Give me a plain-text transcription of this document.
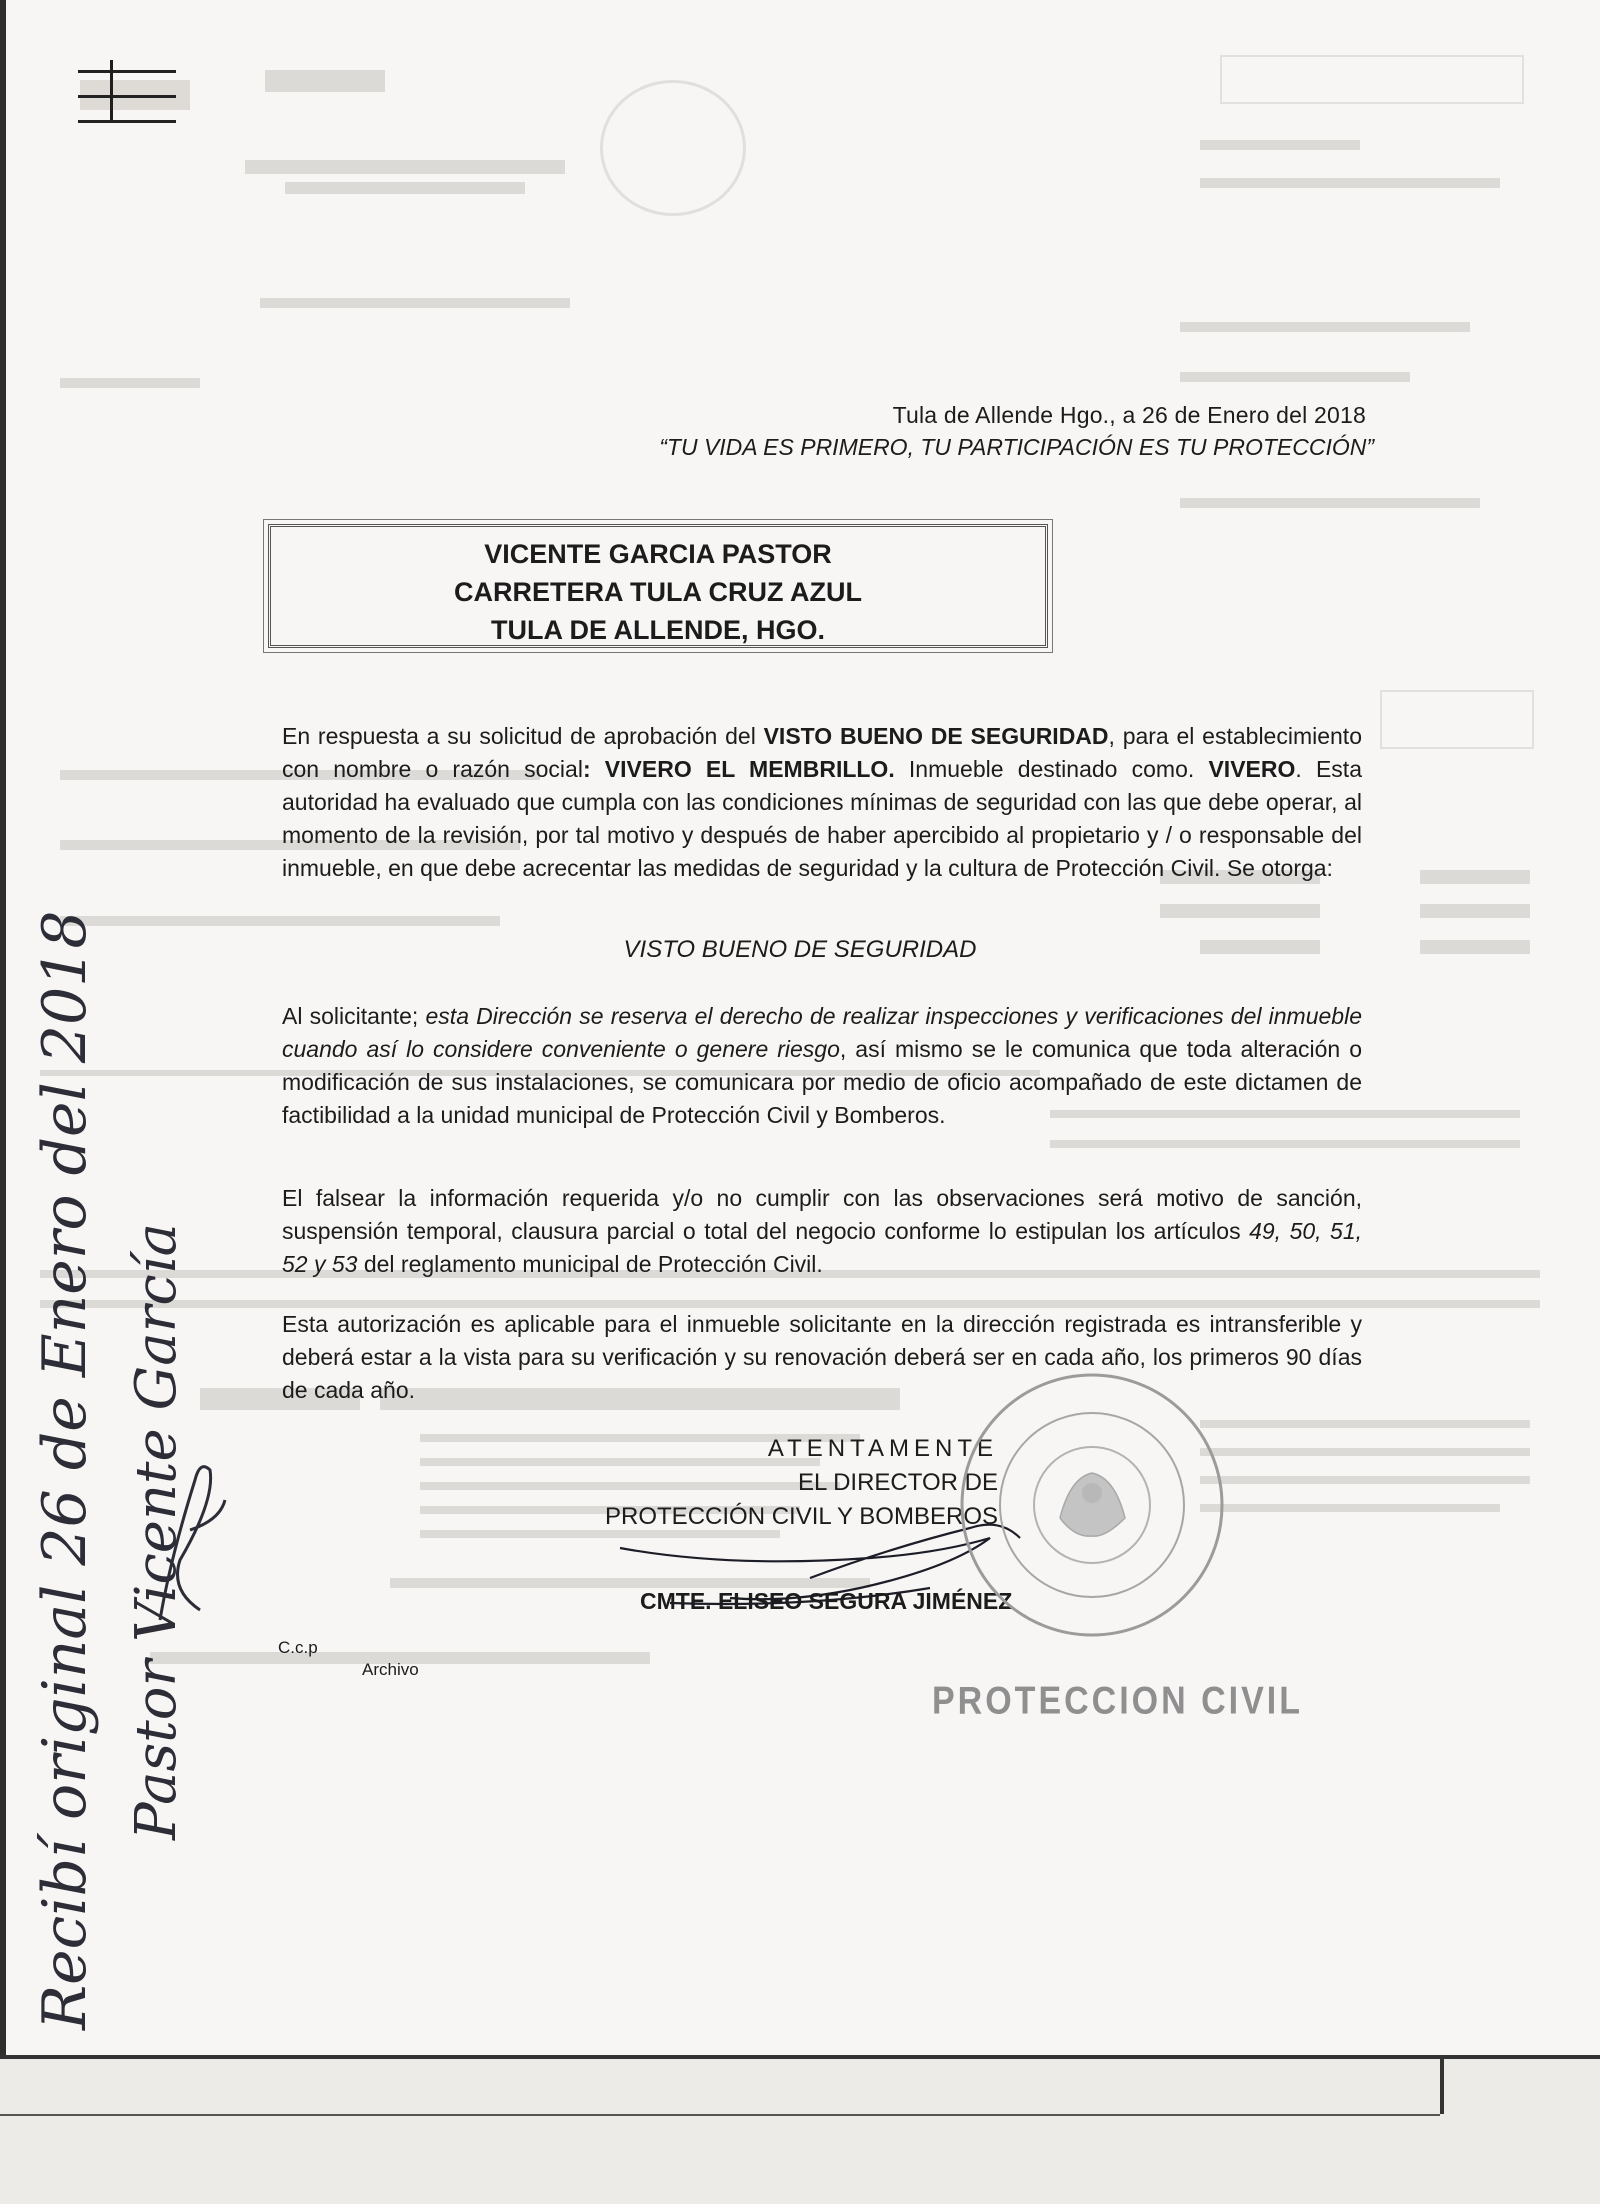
Tula de Allende Hgo., a 26 de Enero del 2018
“TU VIDA ES PRIMERO, TU PARTICIPACIÓN ES TU PROTECCIÓN”
VICENTE GARCIA PASTOR
CARRETERA TULA CRUZ AZUL
TULA DE ALLENDE, HGO.
En respuesta a su solicitud de aprobación del VISTO BUENO DE SEGURIDAD, para el establecimiento con nombre o razón social: VIVERO EL MEMBRILLO. Inmueble destinado como. VIVERO. Esta autoridad ha evaluado que cumpla con las condiciones mínimas de seguridad con las que debe operar, al momento de la revisión, por tal motivo y después de haber apercibido al propietario y / o responsable del inmueble, en que debe acrecentar las medidas de seguridad y la cultura de Protección Civil. Se otorga:
VISTO BUENO DE SEGURIDAD
Al solicitante; esta Dirección se reserva el derecho de realizar inspecciones y verificaciones del inmueble cuando así lo considere conveniente o genere riesgo, así mismo se le comunica que toda alteración o modificación de sus instalaciones, se comunicara por medio de oficio acompañado de este dictamen de factibilidad a la unidad municipal de Protección Civil y Bomberos.
El falsear la información requerida y/o no cumplir con las observaciones será motivo de sanción, suspensión temporal, clausura parcial o total del negocio conforme lo estipulan los artículos 49, 50, 51, 52 y 53 del reglamento municipal de Protección Civil.
Esta autorización es aplicable para el inmueble solicitante en la dirección registrada es intransferible y deberá estar a la vista para su verificación y su renovación deberá ser en cada año, los primeros 90 días de cada año.
ATENTAMENTE
EL DIRECTOR DE
PROTECCIÓN CIVIL Y BOMBEROS
CMTE. ELISEO SEGURA JIMÉNEZ
C.c.p
Archivo
PROTECCION CIVIL
Recibí original 26 de Enero del 2018 Pastor Vicente García
